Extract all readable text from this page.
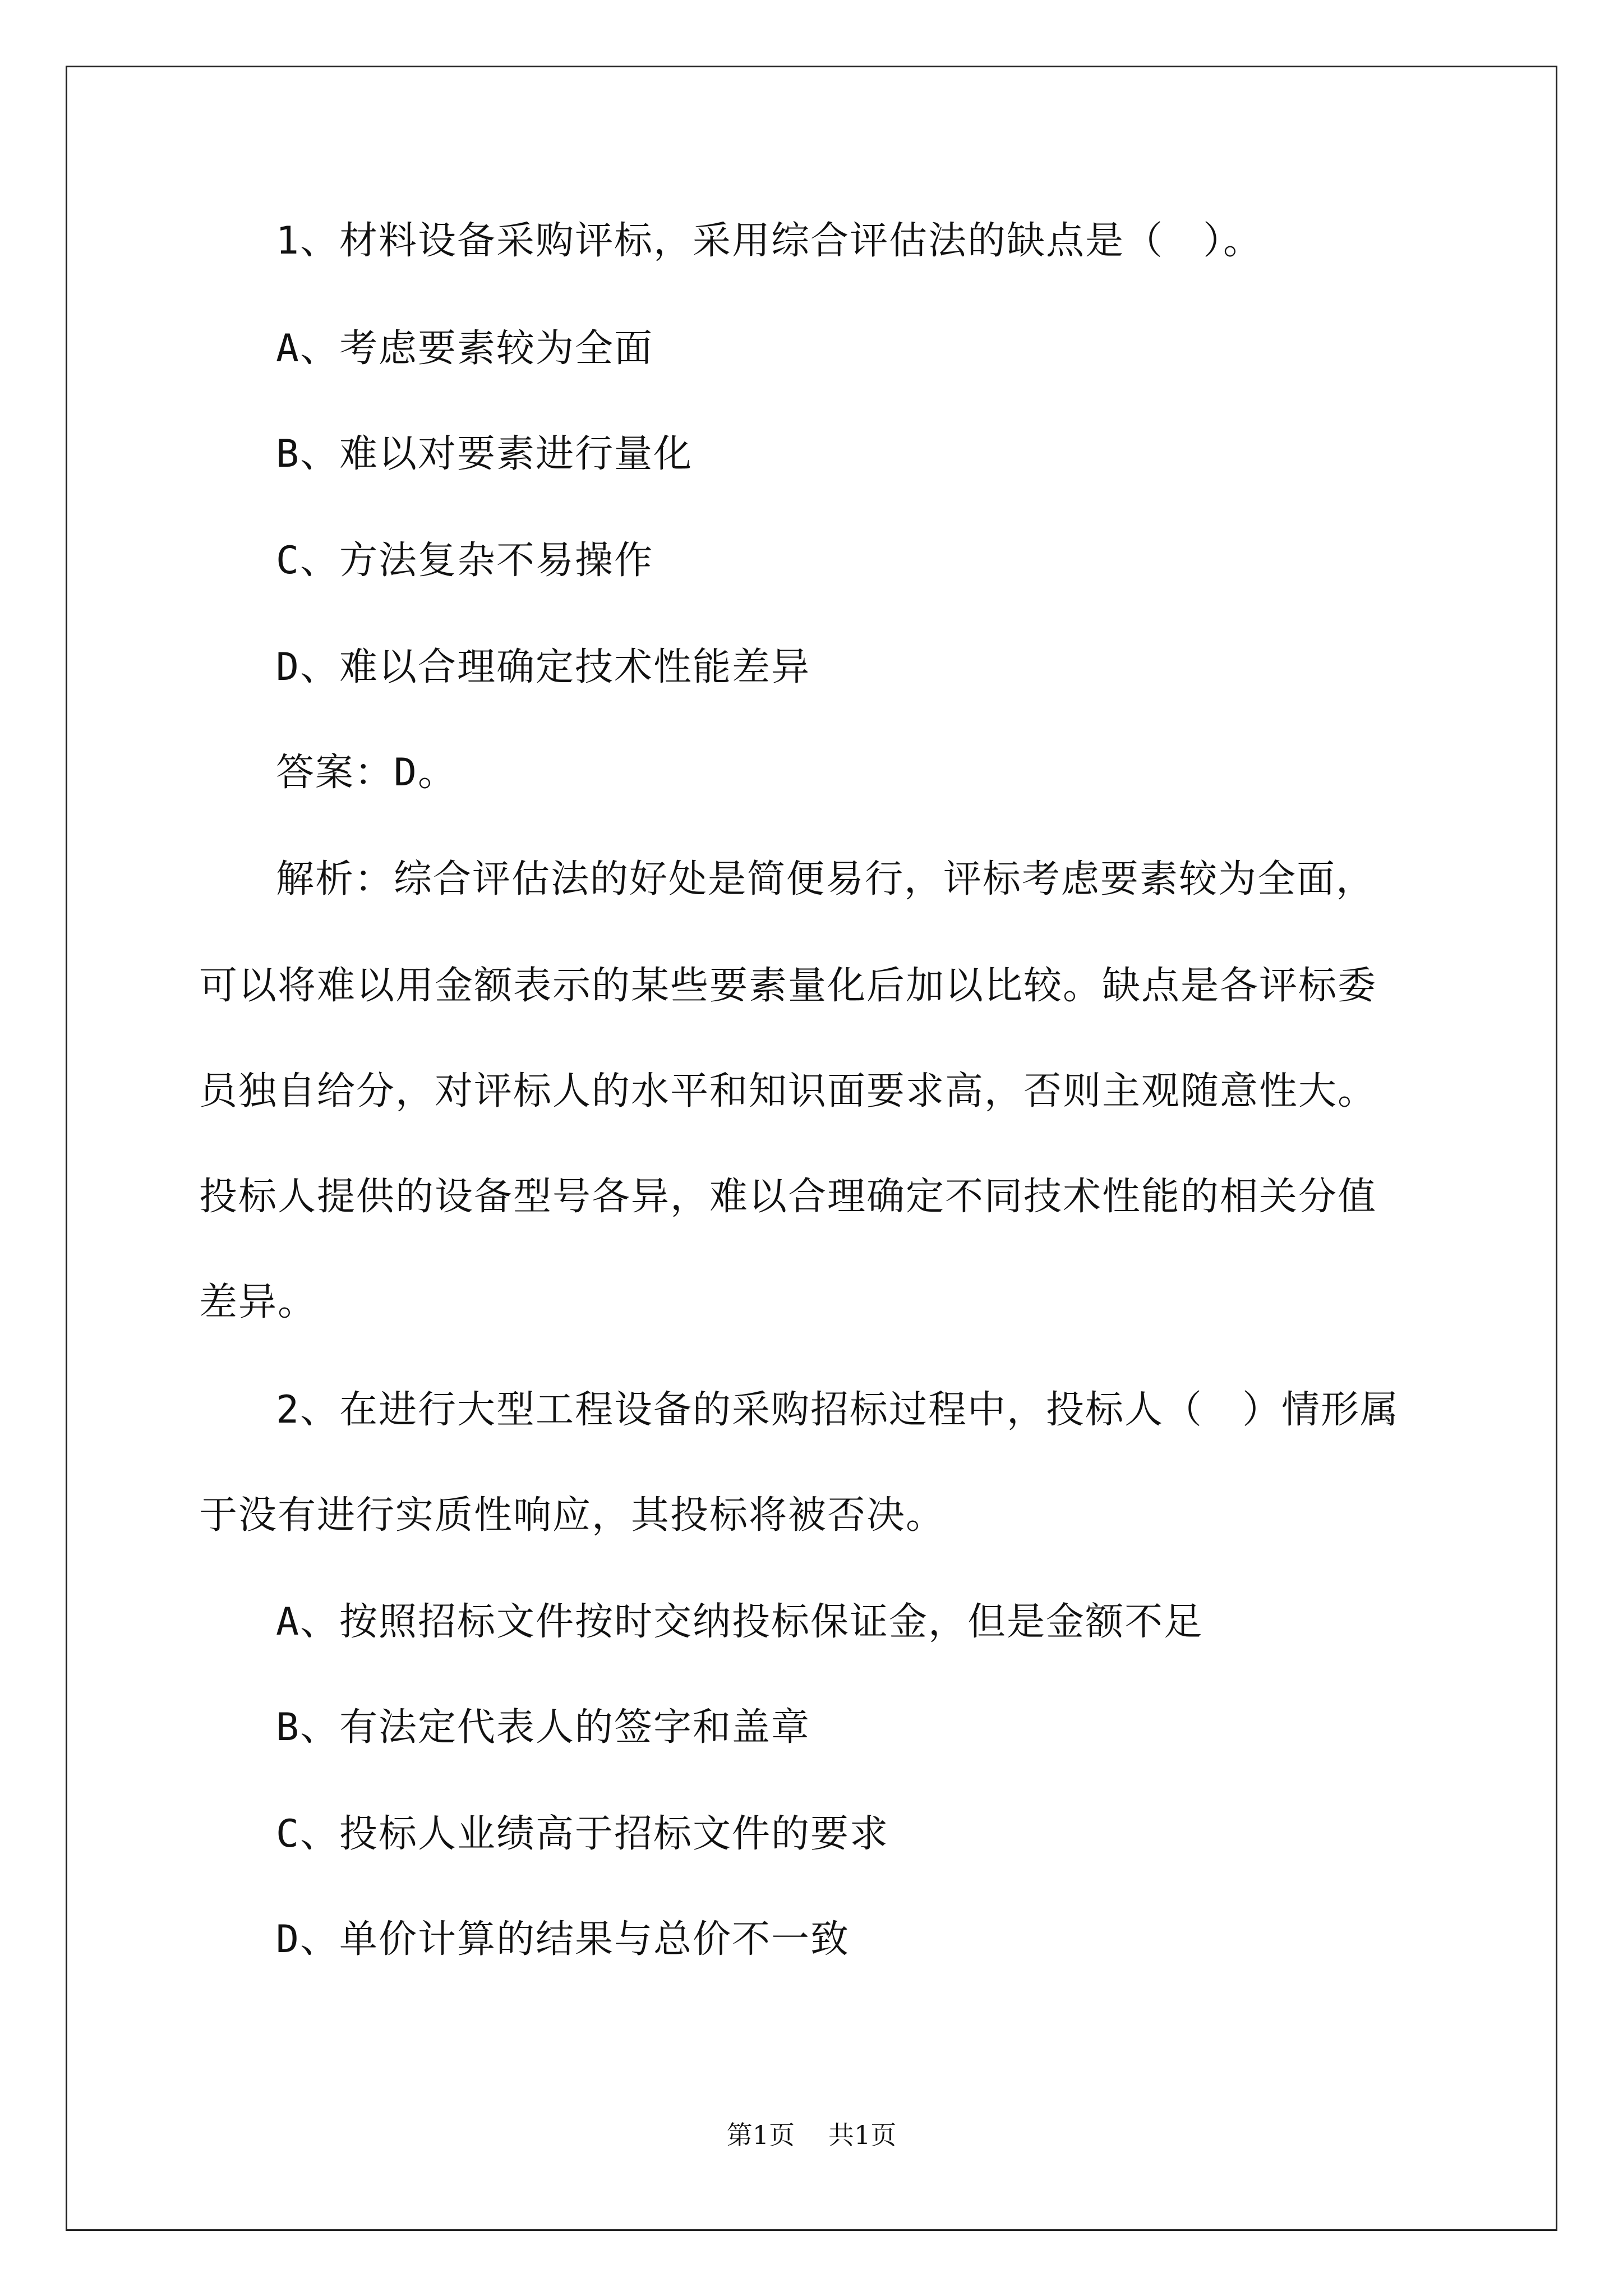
1、材料设备采购评标，采用综合评估法的缺点是（　）。
A、考虑要素较为全面
B、难以对要素进行量化
C、方法复杂不易操作
D、难以合理确定技术性能差异
答案：D。
解析：综合评估法的好处是简便易行，评标考虑要素较为全面，
可以将难以用金额表示的某些要素量化后加以比较。缺点是各评标委
员独自给分，对评标人的水平和知识面要求高，否则主观随意性大。
投标人提供的设备型号各异，难以合理确定不同技术性能的相关分值
差异。
2、在进行大型工程设备的采购招标过程中，投标人（　）情形属
于没有进行实质性响应，其投标将被否决。
A、按照招标文件按时交纳投标保证金，但是金额不足
B、有法定代表人的签字和盖章
C、投标人业绩高于招标文件的要求
D、单价计算的结果与总价不一致
第1页 共1页
